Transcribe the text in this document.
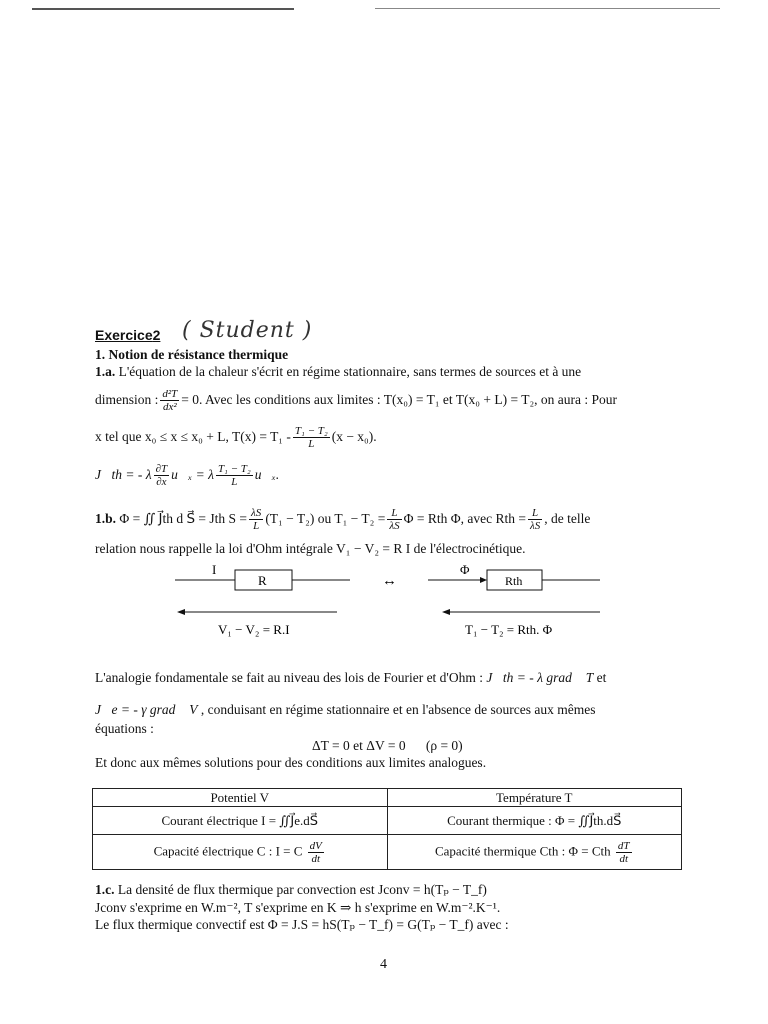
Exercice2 ( Student )
1. Notion de résistance thermique
1.a. L'équation de la chaleur s'écrit en régime stationnaire, sans termes de sources et à une
dimension : $\frac{\text{d²T}}{\text{dx²}} = 0$. Avec les conditions aux limites : T(x₀) = T₁ et T(x₀ + L) = T₂, on aura : Pour
x tel que x₀ ≤ x ≤ x₀ + L, $T(x) = T_1 - \frac{\text{T₁ − T₂}}{L} (x - x_0)$.
J⃗th = - λ $\frac{\partial T}{\partial x}$ u⃗ₓ = λ $\frac{\text{T₁ − T₂}}{L}$ u⃗ₓ.
1.b.
Φ = ∬ J⃗th d S⃗ = Jth $S = \frac{\lambda S}{L} (T_1 - T_2)$ ou $T_1 - T_2 = \frac{L}{\lambda S}$ Φ = Rth Φ, avec Rth = $\frac{L}{\lambda S}$ , de telle
relation nous rappelle la loi d'Ohm intégrale V₁ − V₂ = R I de l'électrocinétique.
I
R
V₁ − V₂ = R.I
↔
Φ
Rth
T₁ − T₂ = Rth. Φ
L'analogie fondamentale se fait au niveau des lois de Fourier et d'Ohm : J⃗th = - λ grad⃗ T et
J⃗e = - γ grad⃗ V , conduisant en régime stationnaire et en l'absence de sources aux mêmes
équations :
ΔT = 0 et ΔV = 0      (ρ = 0)
Et donc aux mêmes solutions pour des conditions aux limites analogues.
Potentiel V	Température T
Courant électrique I = ∬J⃗e.dS⃗	Courant thermique : Φ = ∬J⃗th.dS⃗
Capacité électrique C : I = C $\frac{dV}{dt}$	Capacité thermique Cth : Φ = Cth $\frac{dT}{dt}$
1.c. La densité de flux thermique par convection est Jconv = h(Tₚ − T_f)
Jconv s'exprime en W.m⁻², T s'exprime en K ⇒ h s'exprime en W.m⁻².K⁻¹.
Le flux thermique convectif est Φ = J.S = hS(Tₚ − T_f) = G(Tₚ − T_f) avec :
4
